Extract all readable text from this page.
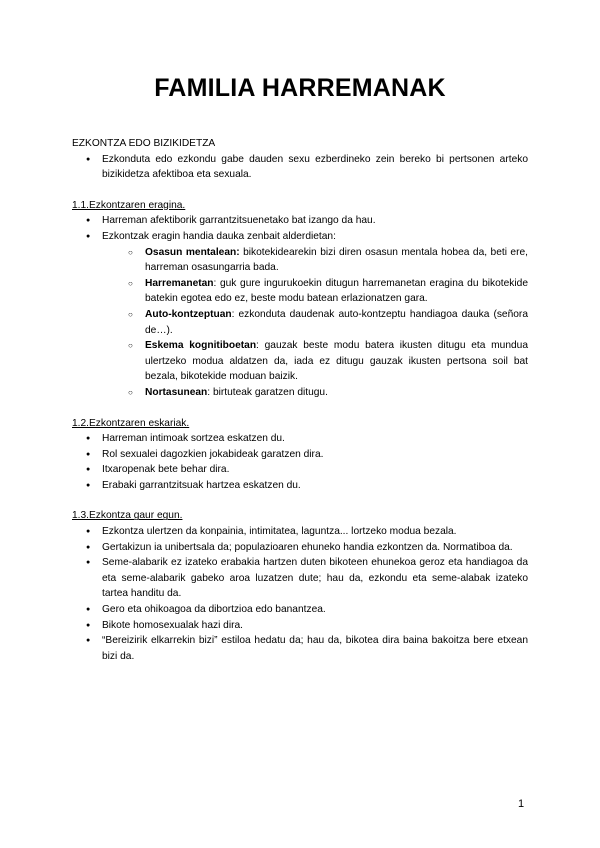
FAMILIA HARREMANAK

EZKONTZA EDO BIZIKIDETZA

● Ezkonduta edo ezkondu gabe dauden sexu ezberdineko zein bereko bi pertsonen arteko bizikidetza afektiboa eta sexuala.

1.1.Ezkontzaren eragina.

● Harreman afektiborik garrantzitsuenetako bat izango da hau.
● Ezkontzak eragin handia dauka zenbait alderdietan:
○ Osasun mentalean: bikotekidearekin bizi diren osasun mentala hobea da, beti ere, harreman osasungarria bada.
○ Harremanetan: guk gure ingurukoekin ditugun harremanetan eragina du bikotekide batekin egotea edo ez, beste modu batean erlazionatzen gara.
○ Auto-kontzeptuan: ezkonduta daudenak auto-kontzeptu handiagoa dauka (señora de…).
○ Eskema kognitiboetan: gauzak beste modu batera ikusten ditugu eta mundua ulertzeko modua aldatzen da, iada ez ditugu gauzak ikusten pertsona soil bat bezala, bikotekide moduan baizik.
○ Nortasunean: birtuteak garatzen ditugu.

1.2.Ezkontzaren eskariak.

● Harreman intimoak sortzea eskatzen du.
● Rol sexualei dagozkien jokabideak garatzen dira.
● Itxaropenak bete behar dira.
● Erabaki garrantzitsuak hartzea eskatzen du.

1.3.Ezkontza gaur egun.

● Ezkontza ulertzen da konpainia, intimitatea, laguntza... lortzeko modua bezala.
● Gertakizun ia unibertsala da; populazioaren ehuneko handia ezkontzen da. Normatiboa da.
● Seme-alabarik ez izateko erabakia hartzen duten bikoteen ehunekoa geroz eta handiagoa da eta seme-alabarik gabeko aroa luzatzen dute; hau da, ezkondu eta seme-alabak izateko tartea handitu da.
● Gero eta ohikoagoa da dibortzioa edo banantzea.
● Bikote homosexualak hazi dira.
● “Bereizirik elkarrekin bizi” estiloa hedatu da; hau da, bikotea dira baina bakoitza bere etxean bizi da.
1
